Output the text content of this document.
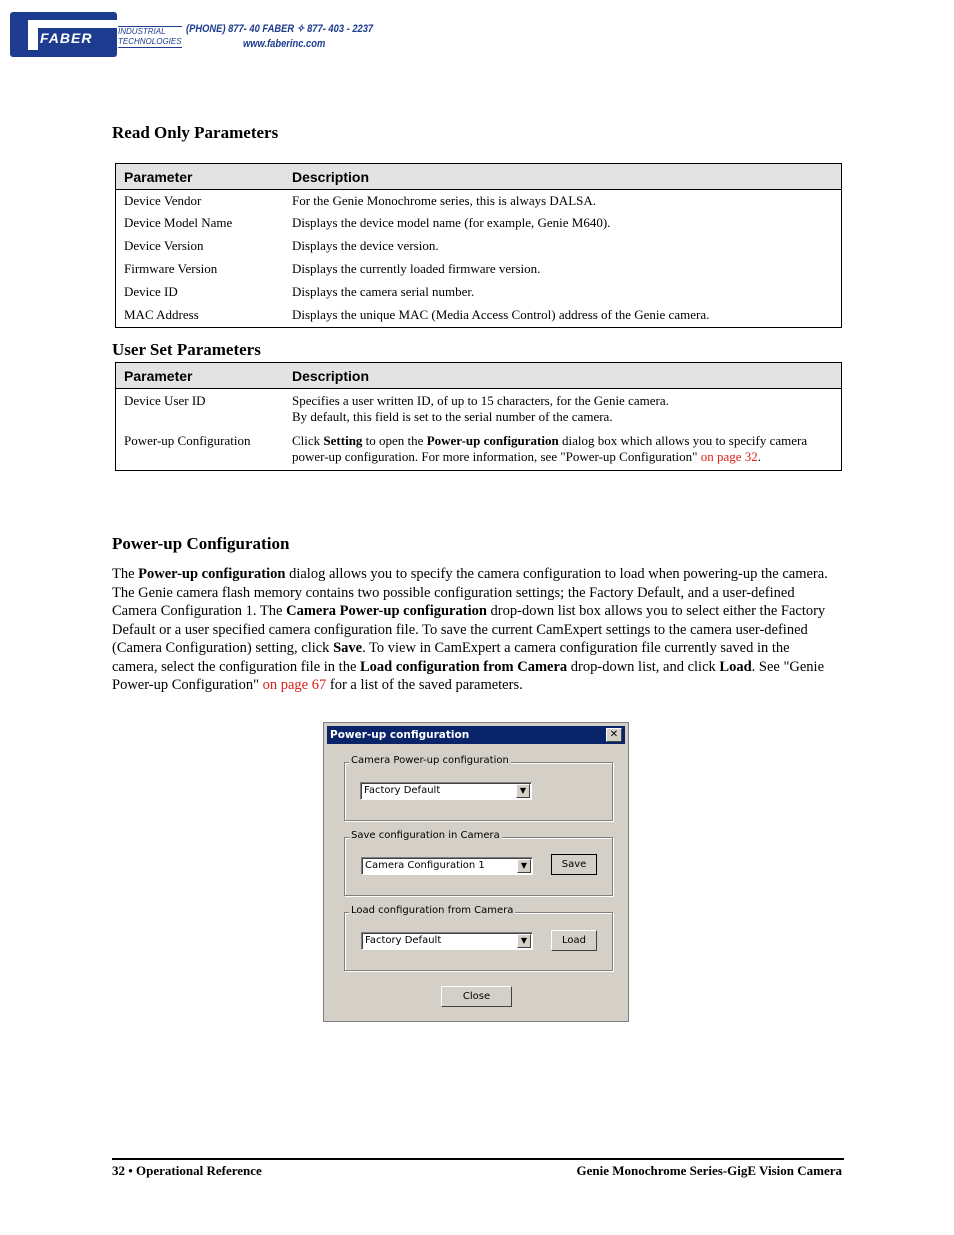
FABER	INDUSTRIAL
TECHNOLOGIES
(PHONE) 877- 40 FABER ✧ 877- 403 - 2237
www.faberinc.com
Read Only Parameters
Parameter	Description
Device Vendor	For the Genie Monochrome series, this is always DALSA.
Device Model Name	Displays the device model name (for example, Genie M640).
Device Version	Displays the device version.
Firmware Version	Displays the currently loaded firmware version.
Device ID	Displays the camera serial number.
MAC Address	Displays the unique MAC (Media Access Control) address of the Genie camera.
User Set Parameters
Parameter	Description
Device User ID	Specifies a user written ID, of up to 15 characters, for the Genie camera.
By default, this field is set to the serial number of the camera.
Power-up Configuration	Click Setting to open the Power-up configuration dialog box which allows you to specify camera power-up configuration. For more information, see "Power-up Configuration" on page 32.
Power-up Configuration
The Power-up configuration dialog allows you to specify the camera configuration to load when powering-up the camera. The Genie camera flash memory contains two possible configuration settings; the Factory Default, and a user-defined Camera Configuration 1. The Camera Power-up configuration drop-down list box allows you to select either the Factory Default or a user specified camera configuration file. To save the current CamExpert settings to the camera user-defined (Camera Configuration) setting, click Save. To view in CamExpert a camera configuration file currently saved in the camera, select the configuration file in the Load configuration from Camera drop-down list, and click Load. See "Genie Power-up Configuration" on page 67 for a list of the saved parameters.
Power-up configuration	✕
Camera Power-up configuration
Factory Default	▼
Save configuration in Camera
Camera Configuration 1	▼	Save
Load configuration from Camera
Factory Default	▼	Load
Close
32 • Operational Reference	Genie Monochrome Series-GigE Vision Camera
